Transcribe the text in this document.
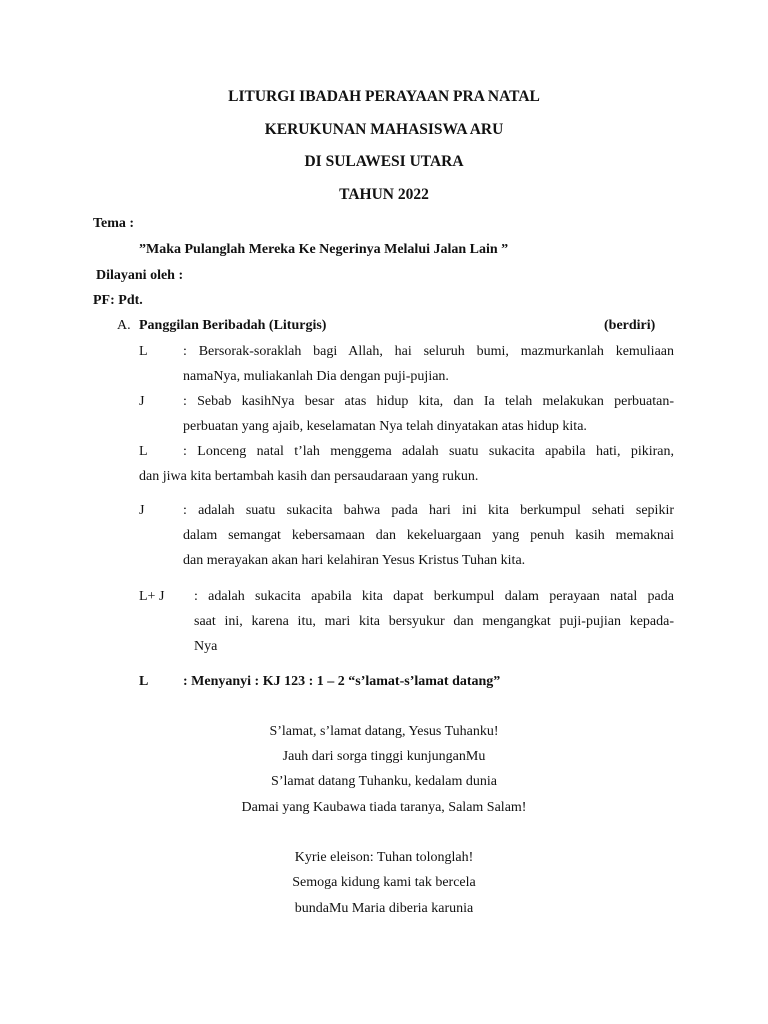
LITURGI IBADAH PERAYAAN PRA NATAL
KERUKUNAN MAHASISWA ARU
DI SULAWESI UTARA
TAHUN 2022
Tema :
”Maka Pulanglah Mereka Ke Negerinya Melalui Jalan Lain ”
Dilayani oleh :
PF: Pdt.
A. Panggilan Beribadah (Liturgis)	(berdiri)
L	: Bersorak-soraklah bagi Allah, hai seluruh bumi, mazmurkanlah kemuliaan
namaNya, muliakanlah Dia dengan puji-pujian.
J	: Sebab kasihNya besar atas hidup kita, dan Ia telah melakukan perbuatan-
perbuatan yang ajaib, keselamatan Nya telah dinyatakan atas hidup kita.
L	: Lonceng natal t’lah menggema adalah suatu sukacita apabila hati, pikiran,
dan jiwa kita bertambah kasih dan persaudaraan yang rukun.
J	: adalah suatu sukacita bahwa pada hari ini kita berkumpul sehati sepikir
dalam semangat kebersamaan dan kekeluargaan yang penuh kasih memaknai
dan merayakan akan hari kelahiran Yesus Kristus Tuhan kita.
L+ J : adalah sukacita apabila kita dapat berkumpul dalam perayaan natal pada
saat ini, karena itu, mari kita bersyukur dan mengangkat puji-pujian kepada-
Nya
L : Menyanyi : KJ 123 : 1 – 2 “s’lamat-s’lamat datang”
S’lamat, s’lamat datang, Yesus Tuhanku!
Jauh dari sorga tinggi kunjunganMu
S’lamat datang Tuhanku, kedalam dunia
Damai yang Kaubawa tiada taranya, Salam Salam!
Kyrie eleison: Tuhan tolonglah!
Semoga kidung kami tak bercela
bundaMu Maria diberia karunia
